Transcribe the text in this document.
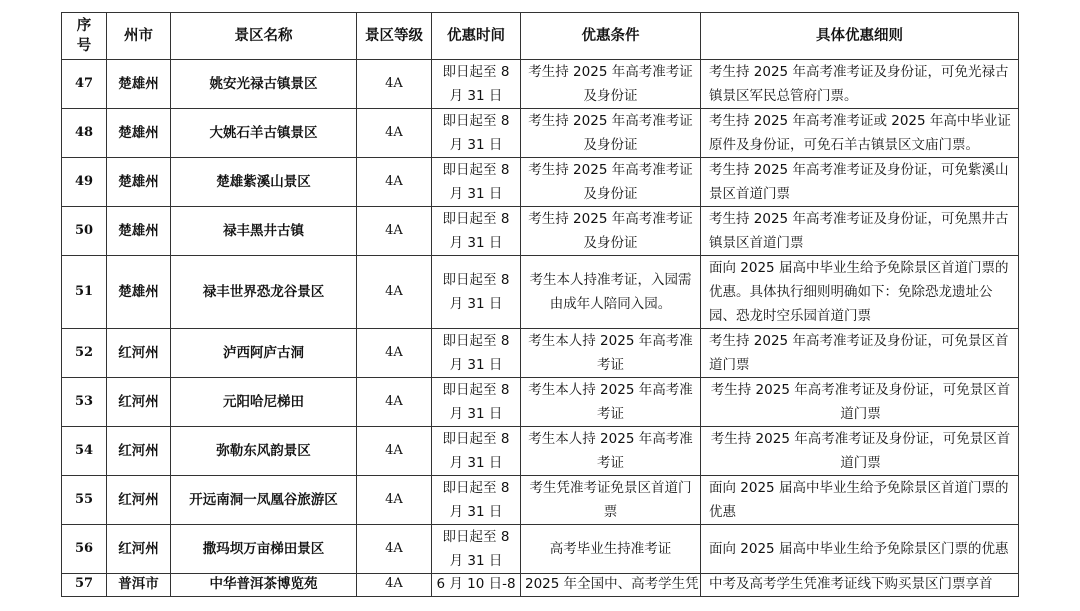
序号	州市	景区名称	景区等级	优惠时间	优惠条件	具体优惠细则
47	楚雄州	姚安光禄古镇景区	4A	即日起至 8 月 31 日	考生持 2025 年高考准考证及身份证	考生持 2025 年高考准考证及身份证，可免光禄古镇景区军民总管府门票。
48	楚雄州	大姚石羊古镇景区	4A	即日起至 8 月 31 日	考生持 2025 年高考准考证及身份证	考生持 2025 年高考准考证或 2025 年高中毕业证原件及身份证，可免石羊古镇景区文庙门票。
49	楚雄州	楚雄紫溪山景区	4A	即日起至 8 月 31 日	考生持 2025 年高考准考证及身份证	考生持 2025 年高考准考证及身份证，可免紫溪山景区首道门票
50	楚雄州	禄丰黑井古镇	4A	即日起至 8 月 31 日	考生持 2025 年高考准考证及身份证	考生持 2025 年高考准考证及身份证，可免黑井古镇景区首道门票
51	楚雄州	禄丰世界恐龙谷景区	4A	即日起至 8 月 31 日	考生本人持准考证，入园需由成年人陪同入园。	面向 2025 届高中毕业生给予免除景区首道门票的优惠。具体执行细则明确如下：免除恐龙遗址公园、恐龙时空乐园首道门票
52	红河州	泸西阿庐古洞	4A	即日起至 8 月 31 日	考生本人持 2025 年高考准考证	考生持 2025 年高考准考证及身份证，可免景区首道门票
53	红河州	元阳哈尼梯田	4A	即日起至 8 月 31 日	考生本人持 2025 年高考准考证	考生持 2025 年高考准考证及身份证，可免景区首道门票
54	红河州	弥勒东风韵景区	4A	即日起至 8 月 31 日	考生本人持 2025 年高考准考证	考生持 2025 年高考准考证及身份证，可免景区首道门票
55	红河州	开远南洞一凤凰谷旅游区	4A	即日起至 8 月 31 日	考生凭准考证免景区首道门票	面向 2025 届高中毕业生给予免除景区首道门票的优惠
56	红河州	撒玛坝万亩梯田景区	4A	即日起至 8 月 31 日	高考毕业生持准考证	面向 2025 届高中毕业生给予免除景区门票的优惠
57	普洱市	中华普洱茶博览苑	4A	6 月 10 日-8	2025 年全国中、高考学生凭	中考及高考学生凭准考证线下购买景区门票享首
